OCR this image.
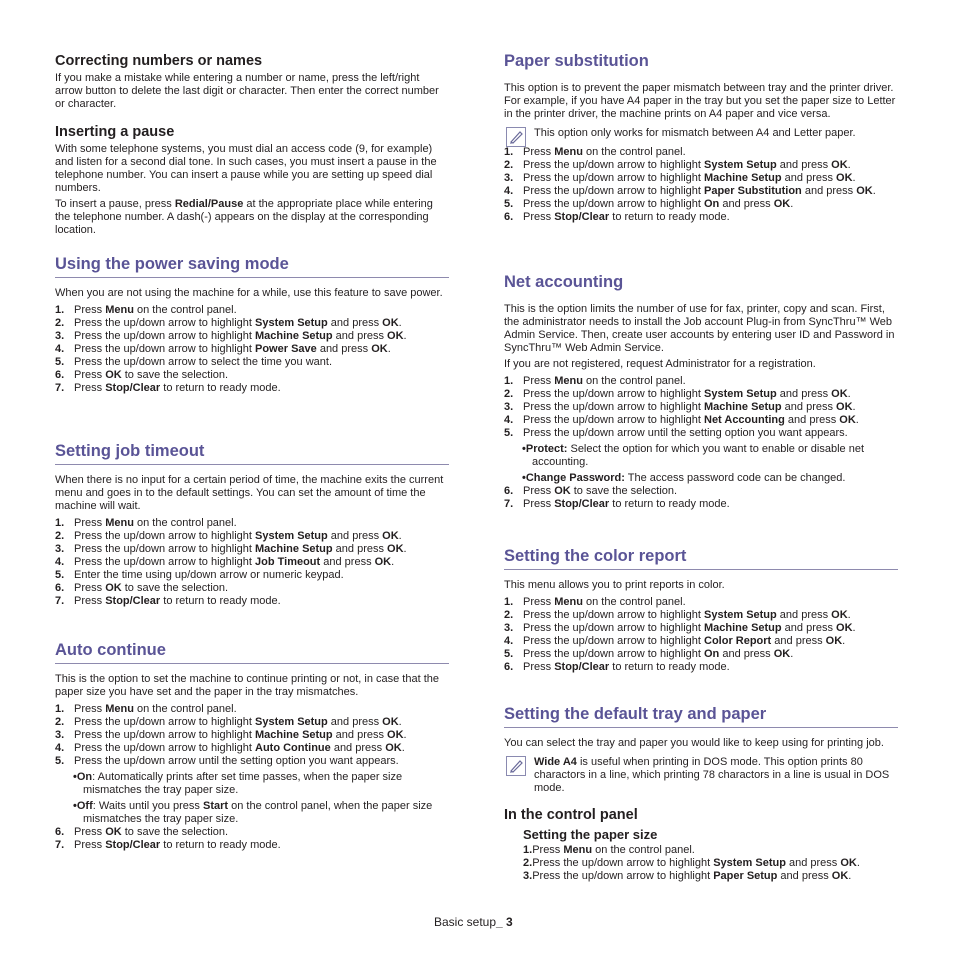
Correcting numbers or names

If you make a mistake while entering a number or name, press the left/right arrow button to delete the last digit or character. Then enter the correct number or character.

Inserting a pause

With some telephone systems, you must dial an access code (9, for example) and listen for a second dial tone. In such cases, you must insert a pause in the telephone number. You can insert a pause while you are setting up speed dial numbers.

To insert a pause, press Redial/Pause at the appropriate place while entering the telephone number. A dash(-) appears on the display at the corresponding location.

Using the power saving mode

When you are not using the machine for a while, use this feature to save power.

1. Press Menu on the control panel.
2. Press the up/down arrow to highlight System Setup and press OK.
3. Press the up/down arrow to highlight Machine Setup and press OK.
4. Press the up/down arrow to highlight Power Save and press OK.
5. Press the up/down arrow to select the time you want.
6. Press OK to save the selection.
7. Press Stop/Clear to return to ready mode.
Setting job timeout

When there is no input for a certain period of time, the machine exits the current menu and goes in to the default settings. You can set the amount of time the machine will wait.

1. Press Menu on the control panel.
2. Press the up/down arrow to highlight System Setup and press OK.
3. Press the up/down arrow to highlight Machine Setup and press OK.
4. Press the up/down arrow to highlight Job Timeout and press OK.
5. Enter the time using up/down arrow or numeric keypad.
6. Press OK to save the selection.
7. Press Stop/Clear to return to ready mode.
Auto continue

This is the option to set the machine to continue printing or not, in case that the paper size you have set and the paper in the tray mismatches.

1. Press Menu on the control panel.
2. Press the up/down arrow to highlight System Setup and press OK.
3. Press the up/down arrow to highlight Machine Setup and press OK.
4. Press the up/down arrow to highlight Auto Continue and press OK.
5. Press the up/down arrow until the setting option you want appears.
•On: Automatically prints after set time passes, when the paper size mismatches the tray paper size.
•Off: Waits until you press Start on the control panel, when the paper size mismatches the tray paper size.
6. Press OK to save the selection.
7. Press Stop/Clear to return to ready mode.
Paper substitution

This option is to prevent the paper mismatch between tray and the printer driver. For example, if you have A4 paper in the tray but you set the paper size to Letter in the printer driver, the machine prints on A4 paper and vice versa.

This option only works for mismatch between A4 and Letter paper.

1. Press Menu on the control panel.
2. Press the up/down arrow to highlight System Setup and press OK.
3. Press the up/down arrow to highlight Machine Setup and press OK.
4. Press the up/down arrow to highlight Paper Substitution and press OK.
5. Press the up/down arrow to highlight On and press OK.
6. Press Stop/Clear to return to ready mode.
Net accounting

This is the option limits the number of use for fax, printer, copy and scan. First, the administrator needs to install the Job account Plug-in from SyncThru™ Web Admin Service. Then, create user accounts by entering user ID and Password in SyncThru™ Web Admin Service.

If you are not registered, request Administrator for a registration.

1. Press Menu on the control panel.
2. Press the up/down arrow to highlight System Setup and press OK.
3. Press the up/down arrow to highlight Machine Setup and press OK.
4. Press the up/down arrow to highlight Net Accounting and press OK.
5. Press the up/down arrow until the setting option you want appears.
•Protect: Select the option for which you want to enable or disable net accounting.
•Change Password: The access password code can be changed.
6. Press OK to save the selection.
7. Press Stop/Clear to return to ready mode.
Setting the color report

This menu allows you to print reports in color.

1. Press Menu on the control panel.
2. Press the up/down arrow to highlight System Setup and press OK.
3. Press the up/down arrow to highlight Machine Setup and press OK.
4. Press the up/down arrow to highlight Color Report and press OK.
5. Press the up/down arrow to highlight On and press OK.
6. Press Stop/Clear to return to ready mode.
Setting the default tray and paper

You can select the tray and paper you would like to keep using for printing job.

Wide A4 is useful when printing in DOS mode. This option prints 80 charactors in a line, which printing 78 charactors in a line is usual in DOS mode.

In the control panel
Setting the paper size
1.Press Menu on the control panel.
2.Press the up/down arrow to highlight System Setup and press OK.
3.Press the up/down arrow to highlight Paper Setup and press OK.
Basic setup_ 3
